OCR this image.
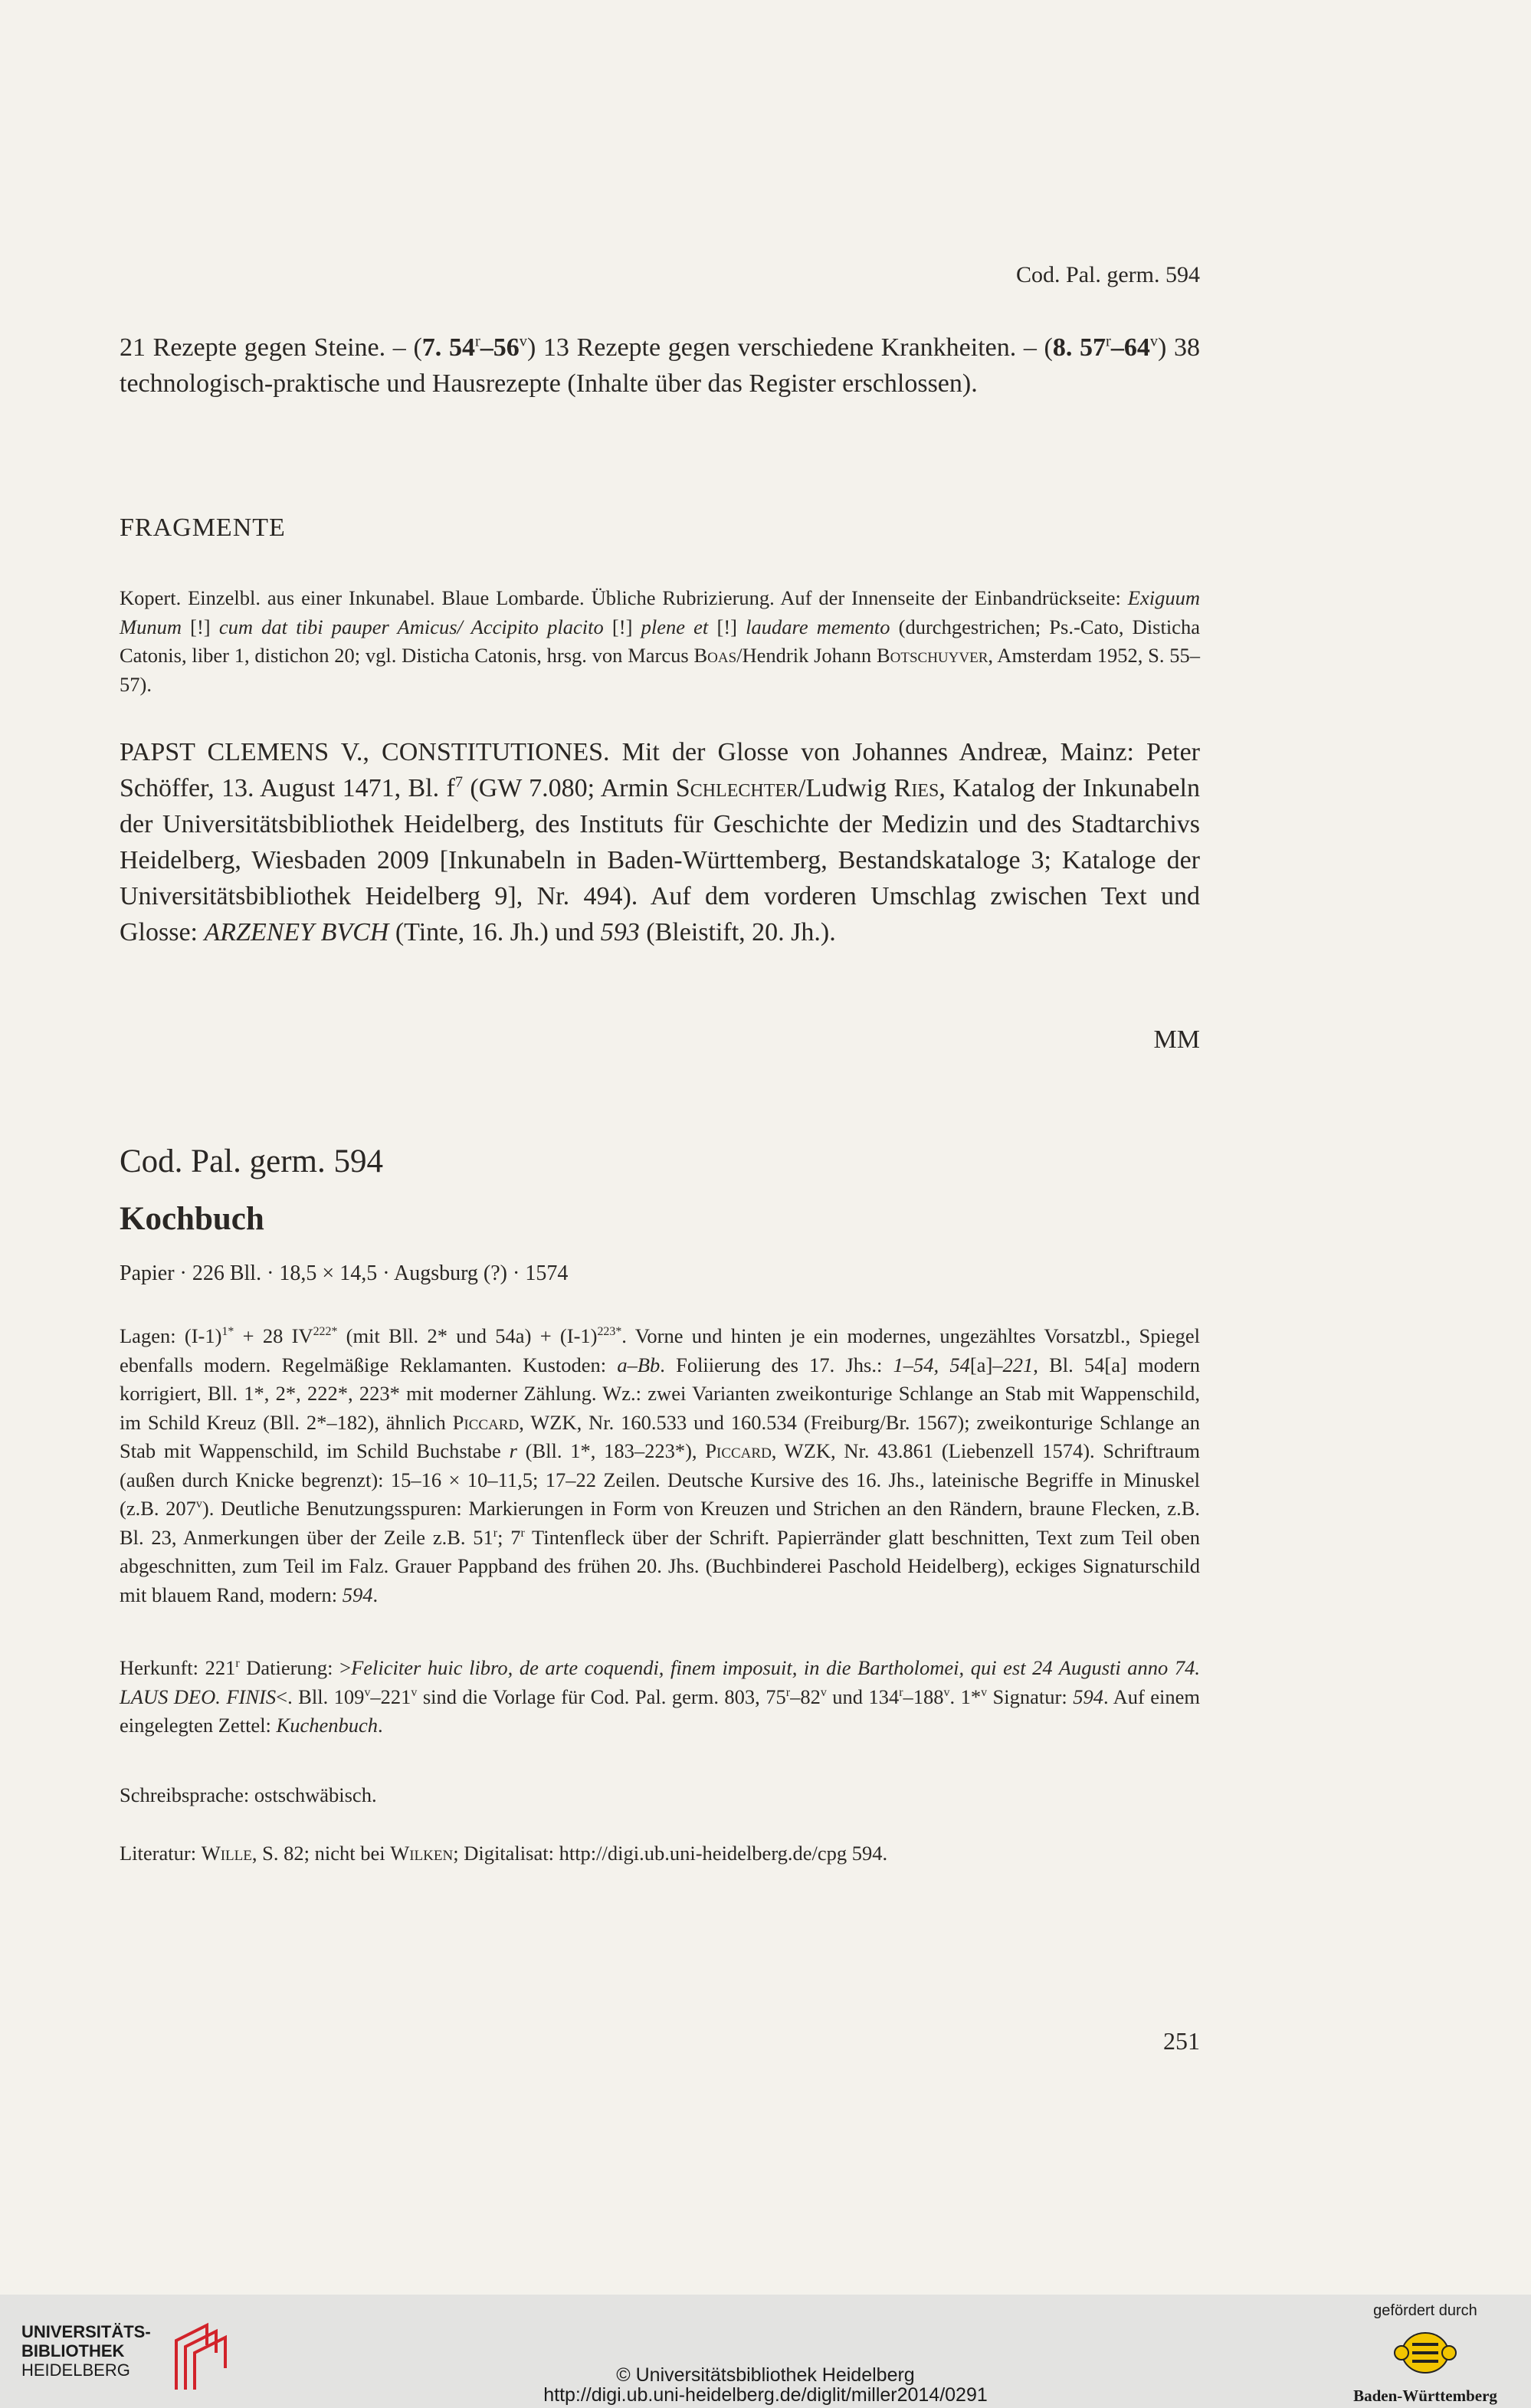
Cod. Pal. germ. 594
21 Rezepte gegen Steine. – (7. 54$^r$–56$^v$) 13 Rezepte gegen verschiedene Krankheiten. – (8. 57$^r$–64$^v$) 38 technologisch-praktische und Hausrezepte (Inhalte über das Register erschlossen).
FRAGMENTE
Kopert. Einzelbl. aus einer Inkunabel. Blaue Lombarde. Übliche Rubrizierung. Auf der Innenseite der Einbandrückseite: Exiguum Munum [!] cum dat tibi pauper Amicus/ Accipito placito [!] plene et [!] laudare memento (durchgestrichen; Ps.-Cato, Disticha Catonis, liber 1, distichon 20; vgl. Disticha Catonis, hrsg. von Marcus Boas/Hendrik Johann Botschuyver, Amsterdam 1952, S. 55–57).
PAPST CLEMENS V., CONSTITUTIONES. Mit der Glosse von Johannes Andreæ, Mainz: Peter Schöffer, 13. August 1471, Bl. $f^7$ (GW 7.080; Armin Schlechter/Ludwig Ries, Katalog der Inkunabeln der Universitätsbibliothek Heidelberg, des Instituts für Geschichte der Medizin und des Stadtarchivs Heidelberg, Wiesbaden 2009 [Inkunabeln in Baden-Württemberg, Bestandskataloge 3; Kataloge der Universitätsbibliothek Heidelberg 9], Nr. 494). Auf dem vorderen Umschlag zwischen Text und Glosse: ARZENEY BVCH (Tinte, 16. Jh.) und 593 (Bleistift, 20. Jh.).
MM
Cod. Pal. germ. 594
Kochbuch
Papier · 226 Bll. · 18,5 × 14,5 · Augsburg (?) · 1574
Lagen: $(I-1)^{1*} + 28$ $IV^{222*}$ (mit Bll. 2* und $54a) + (I-1)^{223*}$. Vorne und hinten je ein modernes, ungezähltes Vorsatzbl., Spiegel ebenfalls modern. Regelmäßige Reklamanten. Kustoden: a–Bb. Foliierung des 17. Jhs.: 1–54, 54[a]–221, Bl. 54[a] modern korrigiert, Bll. 1*, 2*, 222*, 223* mit moderner Zählung. Wz.: zwei Varianten zweikonturige Schlange an Stab mit Wappenschild, im Schild Kreuz (Bll. 2*–182), ähnlich Piccard, WZK, Nr. 160.533 und 160.534 (Freiburg/Br. 1567); zweikonturige Schlange an Stab mit Wappenschild, im Schild Buchstabe r (Bll. 1*, 183–223*), Piccard, WZK, Nr. 43.861 (Liebenzell 1574). Schriftraum (außen durch Knicke begrenzt): 15–16 × 10–11,5; 17–22 Zeilen. Deutsche Kursive des 16. Jhs., lateinische Begriffe in Minuskel (z.B. 207$^v$). Deutliche Benutzungsspuren: Markierungen in Form von Kreuzen und Strichen an den Rändern, braune Flecken, z.B. Bl. 23, Anmerkungen über der Zeile z.B. 51$^r$; 7$^r$ Tintenfleck über der Schrift. Papierränder glatt beschnitten, Text zum Teil oben abgeschnitten, zum Teil im Falz. Grauer Pappband des frühen 20. Jhs. (Buchbinderei Paschold Heidelberg), eckiges Signaturschild mit blauem Rand, modern: 594.
Herkunft: 221$^r$ Datierung: >Feliciter huic libro, de arte coquendi, finem imposuit, in die Bartholomei, qui est 24 Augusti anno 74. LAUS DEO. FINIS<. Bll. 109$^v$–221$^v$ sind die Vorlage für Cod. Pal. germ. 803, 75$^r$–82$^v$ und 134$^r$–188$^v$. 1*$^v$ Signatur: 594. Auf einem eingelegten Zettel: Kuchenbuch.
Schreibsprache: ostschwäbisch.
Literatur: Wille, S. 82; nicht bei Wilken; Digitalisat: http://digi.ub.uni-heidelberg.de/cpg 594.
251
UNIVERSITÄTS-
BIBLIOTHEK
HEIDELBERG	© Universitätsbibliothek Heidelberg
http://digi.ub.uni-heidelberg.de/diglit/miller2014/0291
gefördert durch
Baden-Württemberg
